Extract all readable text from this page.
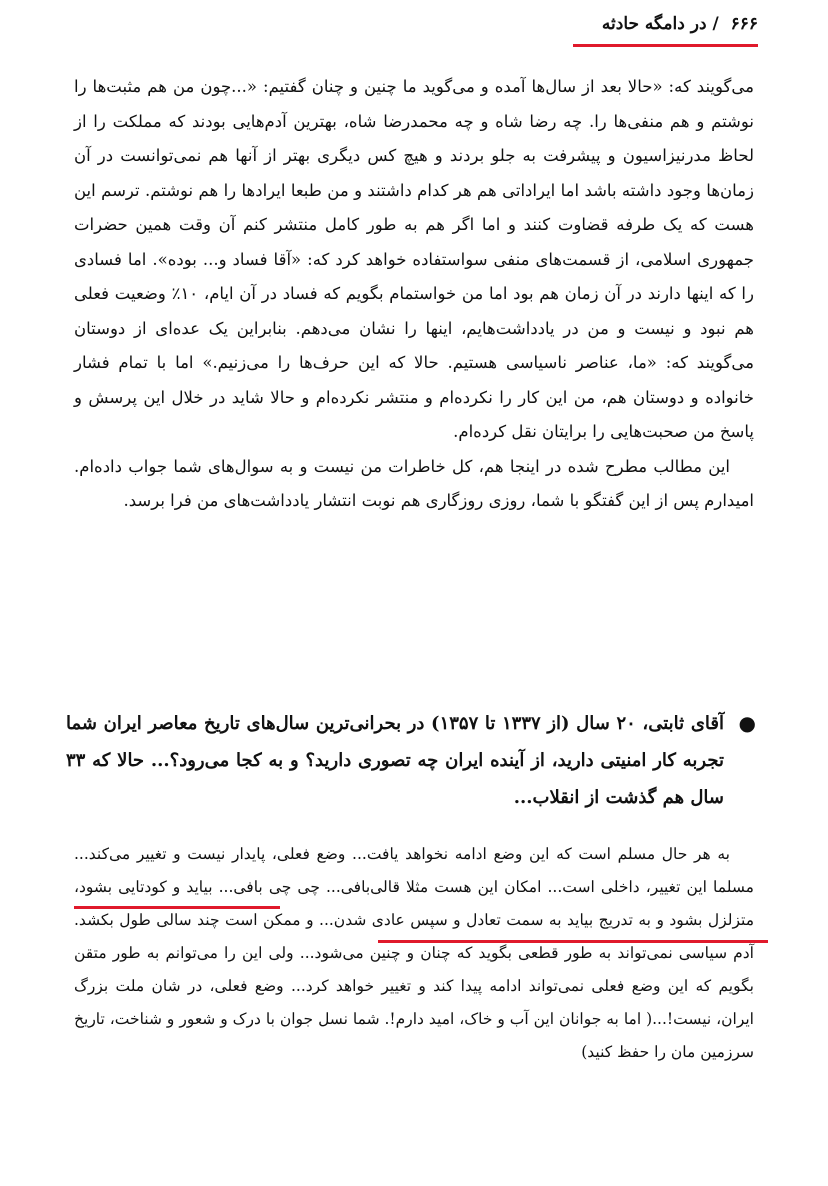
۶۶۶ / در دامگه حادثه

می‌گویند که: «حالا بعد از سال‌ها آمده و می‌گوید ما چنین و چنان گفتیم: «...چون من هم مثبت‌ها را نوشتم و هم منفی‌ها را. چه رضا شاه و چه محمدرضا شاه، بهترین آدم‌هایی بودند که مملکت را از لحاظ مدرنیزاسیون و پیشرفت به جلو بردند و هیچ کس دیگری بهتر از آنها هم نمی‌توانست در آن زمان‌ها وجود داشته باشد اما ایراداتی هم هر کدام داشتند و من طبعا ایرادها را هم نوشتم. ترسم این هست که یک طرفه قضاوت کنند و اما اگر هم به طور کامل منتشر کنم آن وقت همین حضرات جمهوری اسلامی، از قسمت‌های منفی سواستفاده خواهد کرد که: «آقا فساد و... بوده». اما فسادی را که اینها دارند در آن زمان هم بود اما من خواستمام بگویم که فساد در آن ایام، ۱۰٪ وضعیت فعلی هم نبود و نیست و من در یادداشت‌هایم، اینها را نشان می‌دهم. بنابراین یک عده‌ای از دوستان می‌گویند که: «ما، عناصر ناسیاسی هستیم. حالا که این حرف‌ها را می‌زنیم.» اما با تمام فشار خانواده و دوستان هم، من این کار را نکرده‌ام و منتشر نکرده‌ام و حالا شاید در خلال این پرسش و پاسخ من صحبت‌هایی را برایتان نقل کرده‌ام.

این مطالب مطرح شده در اینجا هم، کل خاطرات من نیست و به سوال‌های شما جواب داده‌ام. امیدارم پس از این گفتگو با شما، روزی روزگاری هم نوبت انتشار یادداشت‌های من فرا برسد.

●
آقای ثابتی، ۲۰ سال (از ۱۳۳۷ تا ۱۳۵۷) در بحرانی‌ترین سال‌های تاریخ معاصر ایران شما تجربه کار امنیتی دارید، از آینده ایران چه تصوری دارید؟ و به کجا می‌رود؟... حالا که ۳۳ سال هم گذشت از انقلاب...

به هر حال مسلم است که این وضع ادامه نخواهد یافت... وضع فعلی، پایدار نیست و تغییر می‌کند... مسلما این تغییر، داخلی است... امکان این هست مثلا قالی‌بافی... چی چی بافی... بیاید و کودتایی بشود، متزلزل بشود و به تدریج بیاید به سمت تعادل و سپس عادی شدن... و ممکن است چند سالی طول بکشد. آدم سیاسی نمی‌تواند به طور قطعی بگوید که چنان و چنین می‌شود... ولی این را می‌توانم به طور متقن بگویم که این وضع فعلی نمی‌تواند ادامه پیدا کند و تغییر خواهد کرد... وضع فعلی، در شان ملت بزرگ ایران، نیست!...( اما به جوانان این آب و خاک، امید دارم!. شما نسل جوان با درک و شعور و شناخت، تاریخ سرزمین مان را حفظ کنید)
